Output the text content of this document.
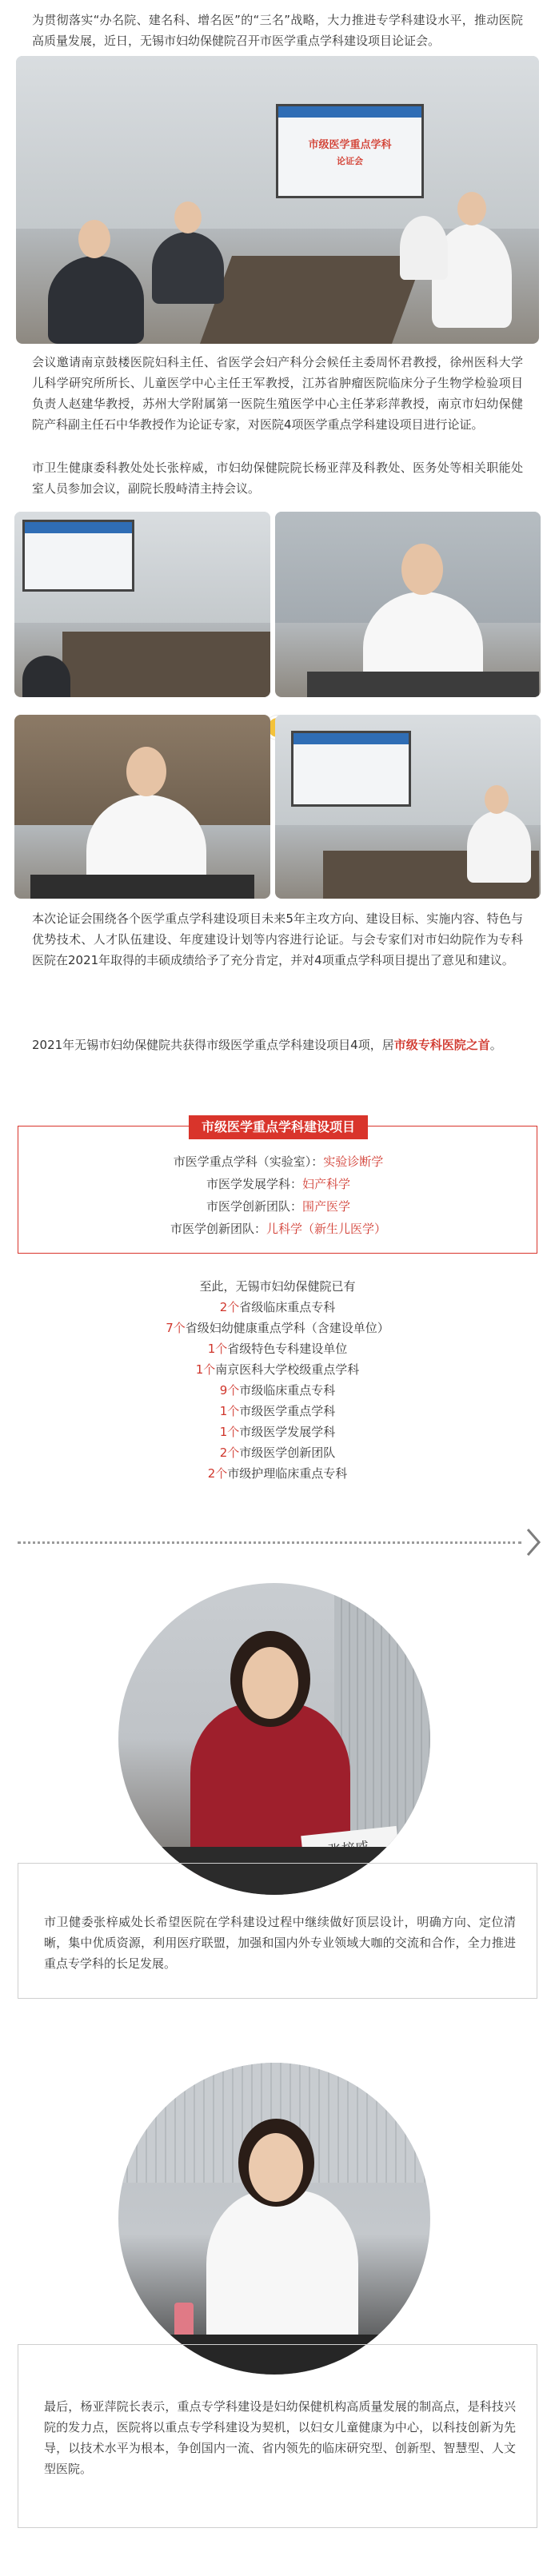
为贯彻落实“办名院、建名科、增名医”的“三名”战略，大力推进专学科建设水平，推动医院高质量发展，近日，无锡市妇幼保健院召开市医学重点学科建设项目论证会。

市级医学重点学科
论证会

会议邀请南京鼓楼医院妇科主任、省医学会妇产科分会候任主委周怀君教授，徐州医科大学儿科学研究所所长、儿童医学中心主任王军教授，江苏省肿瘤医院临床分子生物学检验项目负责人赵建华教授，苏州大学附属第一医院生殖医学中心主任茅彩萍教授，南京市妇幼保健院产科副主任石中华教授作为论证专家，对医院4项医学重点学科建设项目进行论证。

市卫生健康委科教处处长张梓威，市妇幼保健院院长杨亚萍及科教处、医务处等相关职能处室人员参加会议，副院长殷峙清主持会议。

本次论证会围绕各个医学重点学科建设项目未来5年主攻方向、建设目标、实施内容、特色与优势技术、人才队伍建设、年度建设计划等内容进行论证。与会专家们对市妇幼院作为专科医院在2021年取得的丰硕成绩给予了充分肯定，并对4项重点学科项目提出了意见和建议。

2021年无锡市妇幼保健院共获得市级医学重点学科建设项目4项，居市级专科医院之首。

市级医学重点学科建设项目
市医学重点学科（实验室）：实验诊断学
市医学发展学科：妇产科学
市医学创新团队：围产医学
市医学创新团队：儿科学（新生儿医学）
至此，无锡市妇幼保健院已有
2个省级临床重点专科
7个省级妇幼健康重点学科（含建设单位）
1个省级特色专科建设单位
1个南京医科大学校级重点学科
9个市级临床重点专科
1个市级医学重点学科
1个市级医学发展学科
2个市级医学创新团队
2个市级护理临床重点专科

市卫健委张梓威处长希望医院在学科建设过程中继续做好顶层设计，明确方向、定位清晰，集中优质资源，利用医疗联盟，加强和国内外专业领域大咖的交流和合作，全力推进重点专学科的长足发展。

最后，杨亚萍院长表示，重点专学科建设是妇幼保健机构高质量发展的制高点，是科技兴院的发力点，医院将以重点专学科建设为契机，以妇女儿童健康为中心，以科技创新为先导，以技术水平为根本，争创国内一流、省内领先的临床研究型、创新型、智慧型、人文型医院。
